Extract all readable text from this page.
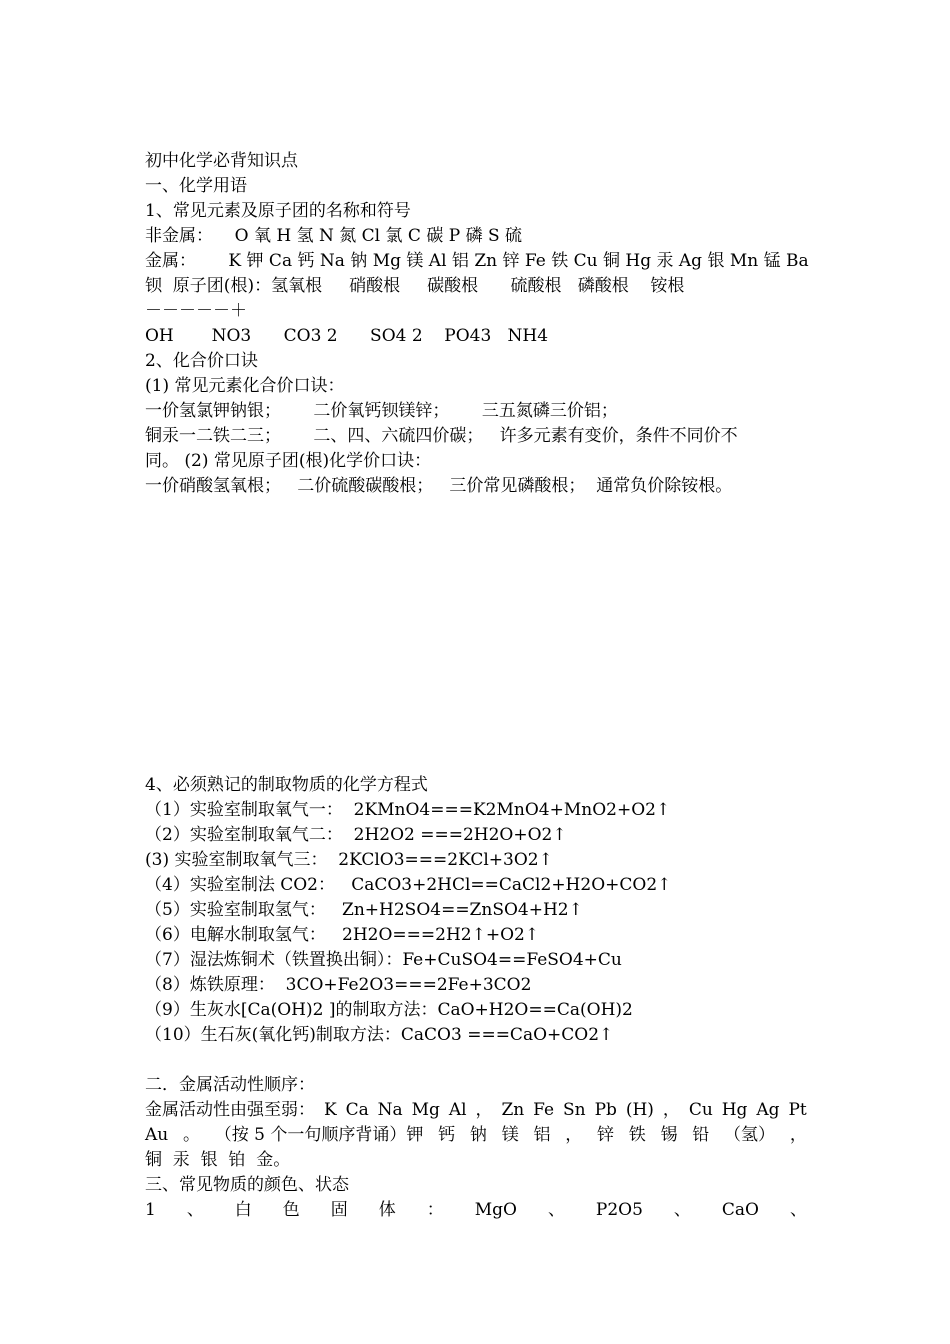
初中化学必背知识点

一、化学用语

1、常见元素及原子团的名称和符号

非金属：    O 氧 H 氢 N 氮 Cl 氯 C 碳 P 磷 S 硫

金属：      K 钾 Ca 钙 Na 钠 Mg 镁 Al 铝 Zn 锌 Fe 铁 Cu 铜 Hg 汞 Ag 银 Mn 锰 Ba

钡  原子团(根)：氢氧根     硝酸根     碳酸根      硫酸根   磷酸根    铵根

－－－－－＋

OH       NO3      CO3 2      SO4 2    PO43   NH4

2、化合价口诀

(1) 常见元素化合价口诀：

一价氢氯钾钠银；      二价氧钙钡镁锌；      三五氮磷三价铝；

铜汞一二铁二三；      二、四、六硫四价碳；   许多元素有变价，条件不同价不

同。 (2) 常见原子团(根)化学价口诀：

一价硝酸氢氧根；   二价硫酸碳酸根；   三价常见磷酸根；  通常负价除铵根。

4、必须熟记的制取物质的化学方程式

（1）实验室制取氧气一：  2KMnO4===K2MnO4+MnO2+O2↑

（2）实验室制取氧气二：  2H2O2 ===2H2O+O2↑

(3) 实验室制取氧气三：  2KClO3===2KCl+3O2↑

（4）实验室制法 CO2：   CaCO3+2HCl==CaCl2+H2O+CO2↑

（5）实验室制取氢气：   Zn+H2SO4==ZnSO4+H2↑

（6）电解水制取氢气：   2H2O===2H2↑+O2↑

（7）湿法炼铜术（铁置换出铜）：Fe+CuSO4==FeSO4+Cu

（8）炼铁原理：  3CO+Fe2O3===2Fe+3CO2

（9）生灰水[Ca(OH)2 ]的制取方法：CaO+H2O==Ca(OH)2

（10）生石灰(氧化钙)制取方法：CaCO3 ===CaO+CO2↑

二．金属活动性顺序：

金属活动性由强至弱： K Ca Na Mg Al ， Zn Fe Sn Pb (H) ， Cu Hg Ag Pt
Au 。 （按 5 个一句顺序背诵）钾 钙 钠 镁 铝 ， 锌 铁 锡 铅 （氢） ，

铜  汞  银  铂  金。

三、常见物质的颜色、状态

1 、 白 色 固 体 ： MgO 、 P2O5 、 CaO 、
